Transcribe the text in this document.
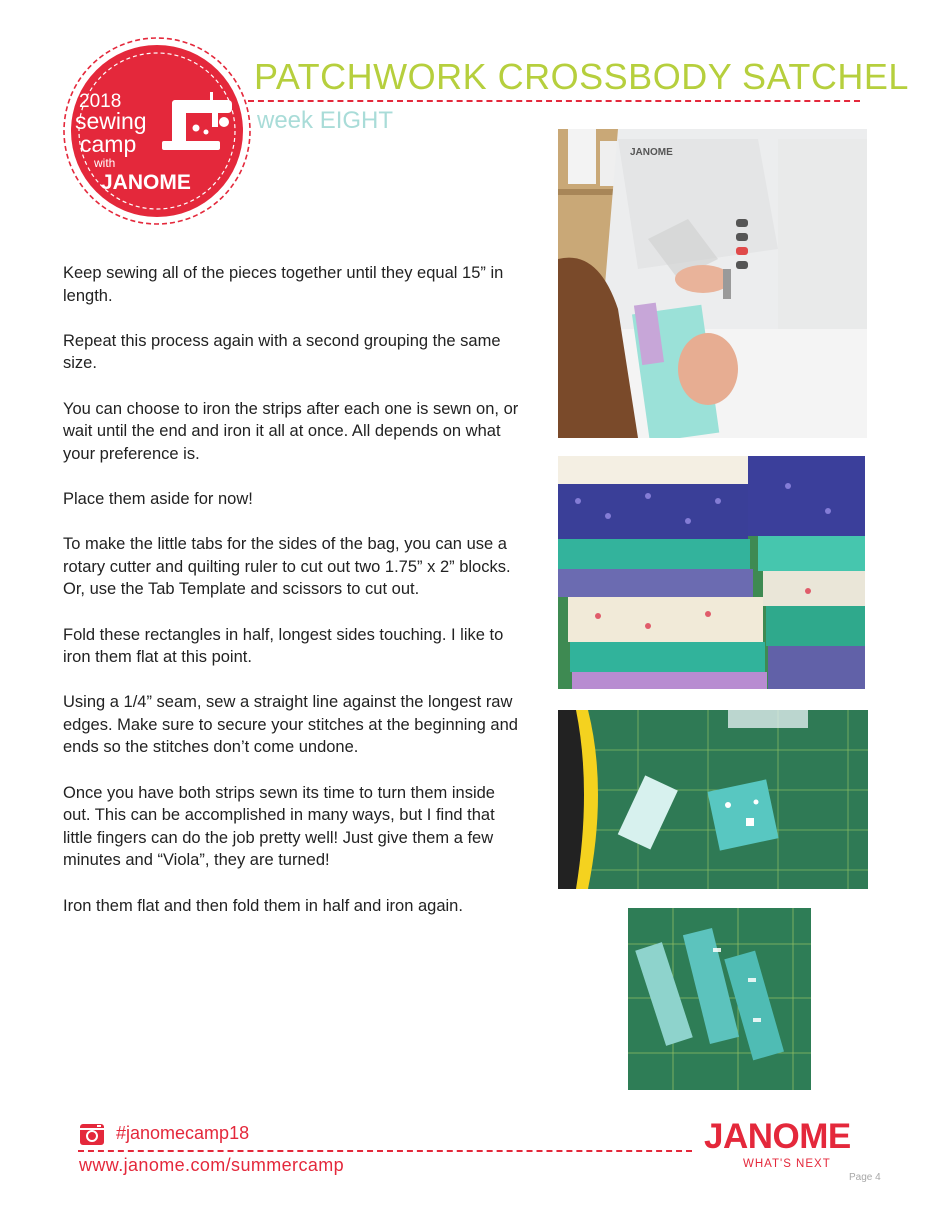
2018
sewing
camp
with
JANOME
PATCHWORK CROSSBODY SATCHEL
week EIGHT

Keep sewing all of the pieces together until they equal 15” in length.

Repeat this process again with a second grouping the same size.

You can choose to iron the strips after each one is sewn on, or wait until the end and iron it all at once. All depends on what your preference is.

Place them aside for now!

To make the little tabs for the sides of the bag, you can use a rotary cutter and quilting ruler to cut out two 1.75” x 2” blocks. Or, use the Tab Template and scissors to cut out.

Fold these rectangles in half, longest sides touching. I like to iron them flat at this point.

Using a 1/4” seam, sew a straight line against the longest raw edges. Make sure to secure your stitches at the beginning and ends so the stitches don’t come undone.

Once you have both strips sewn its time to turn them inside out. This can be accomplished in many ways, but I find that little fingers can do the job pretty well! Just give them a few minutes and “Viola”, they are turned!

Iron them flat and then fold them in half and iron again.

JANOME
#janomecamp18
www.janome.com/summercamp
JANOME
WHAT'S NEXT
Page 4
